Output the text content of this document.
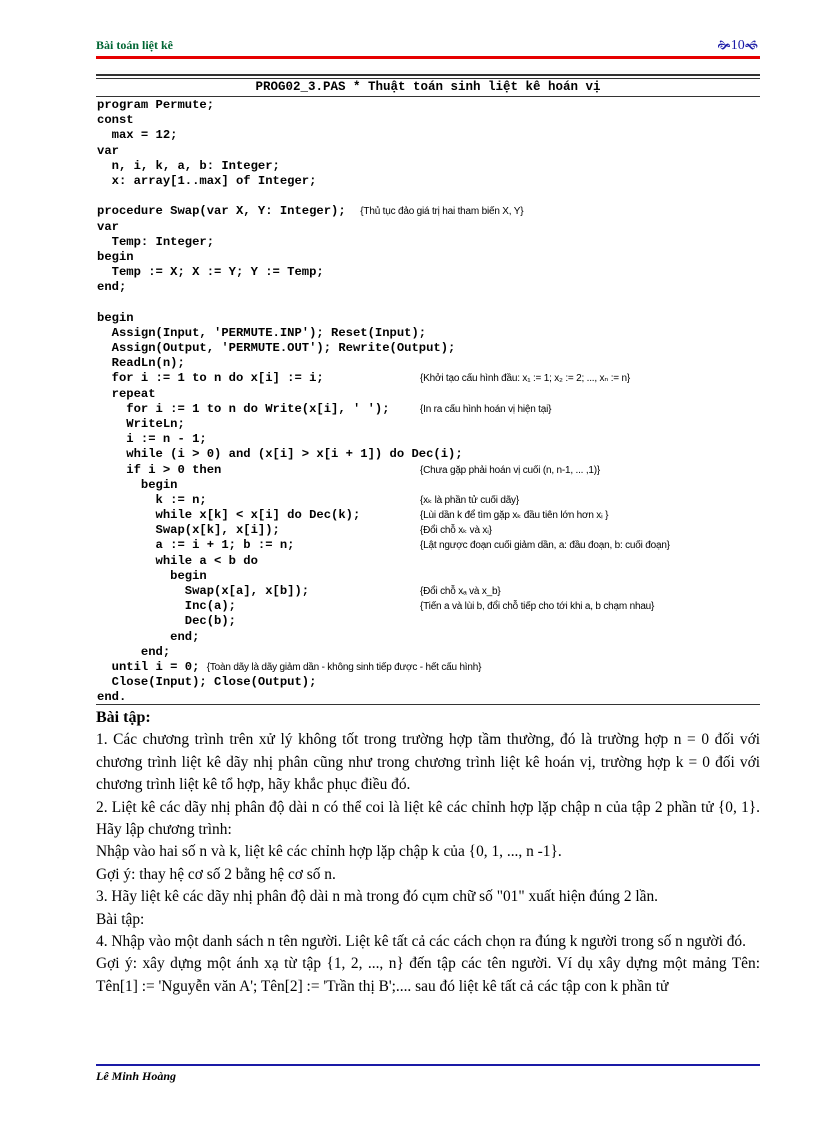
Bài toán liệt kê	🙞10🙜
PROG02_3.PAS * Thuật toán sinh liệt kê hoán vị
program Permute;
const
max = 12;
var
n, i, k, a, b: Integer;
x: array[1..max] of Integer;

procedure Swap(var X, Y: Integer);  {Thủ tục đảo giá trị hai tham biến X, Y}
var
Temp: Integer;
begin
Temp := X; X := Y; Y := Temp;
end;

begin
Assign(Input, 'PERMUTE.INP'); Reset(Input);
Assign(Output, 'PERMUTE.OUT'); Rewrite(Output);
ReadLn(n);
for i := 1 to n do x[i] := i;	{Khởi tạo cấu hình đầu: x₁ := 1; x₂ := 2; ..., xₙ := n}
repeat
for i := 1 to n do Write(x[i], ' ');	{In ra cấu hình hoán vị hiện tại}
WriteLn;
i := n - 1;
while (i > 0) and (x[i] > x[i + 1]) do Dec(i);
if i > 0 then	{Chưa gặp phải hoán vị cuối (n, n-1, ... ,1)}
begin
k := n;	{xₖ là phần tử cuối dãy}
while x[k] < x[i] do Dec(k);	{Lùi dần k để tìm gặp xₖ đầu tiên lớn hơn xᵢ }
Swap(x[k], x[i]);	{Đổi chỗ xₖ và xᵢ}
a := i + 1; b := n;	{Lật ngược đoạn cuối giảm dần, a: đầu đoạn, b: cuối đoạn}
while a < b do
begin
Swap(x[a], x[b]);	{Đổi chỗ xₐ và x_b}
Inc(a);	{Tiến a và lùi b, đổi chỗ tiếp cho tới khi a, b chạm nhau}
Dec(b);
end;
end;
until i = 0; {Toàn dãy là dãy giảm dần - không sinh tiếp được - hết cấu hình}
Close(Input); Close(Output);
end.

Bài tập:

1. Các chương trình trên xử lý không tốt trong trường hợp tầm thường, đó là trường hợp n = 0 đối với chương trình liệt kê dãy nhị phân cũng như trong chương trình liệt kê hoán vị, trường hợp k = 0 đối với chương trình liệt kê tổ hợp, hãy khắc phục điều đó.

2. Liệt kê các dãy nhị phân độ dài n có thể coi là liệt kê các chỉnh hợp lặp chập n của tập 2 phần tử {0, 1}. Hãy lập chương trình:

Nhập vào hai số n và k, liệt kê các chỉnh hợp lặp chập k của {0, 1, ..., n -1}.

Gợi ý: thay hệ cơ số 2 bằng hệ cơ số n.

3. Hãy liệt kê các dãy nhị phân độ dài n mà trong đó cụm chữ số "01" xuất hiện đúng 2 lần.

Bài tập:

4. Nhập vào một danh sách n tên người. Liệt kê tất cả các cách chọn ra đúng k người trong số n người đó.

Gợi ý: xây dựng một ánh xạ từ tập {1, 2, ..., n} đến tập các tên người. Ví dụ xây dựng một mảng Tên: Tên[1] := 'Nguyễn văn A'; Tên[2] := 'Trần thị B';.... sau đó liệt kê tất cả các tập con k phần tử

Lê Minh Hoàng
